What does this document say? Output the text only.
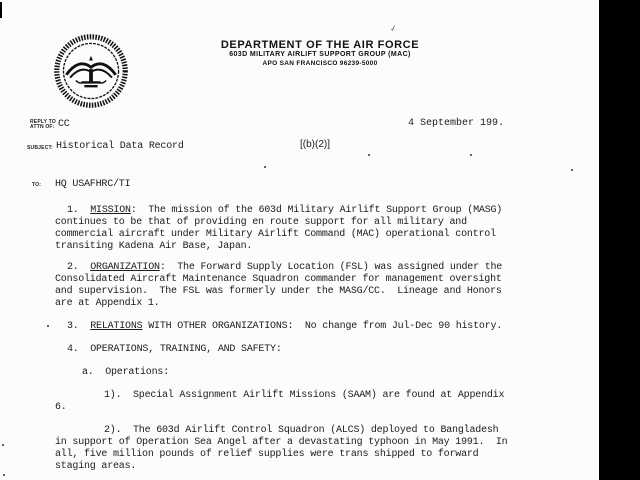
✓
DEPARTMENT OF THE AIR FORCE
603D MILITARY AIRLIFT SUPPORT GROUP (MAC)
APO SAN FRANCISCO 96239-5000
REPLY TO
ATTN OF: CC	4 September 199.
SUBJECT: Historical Data Record	[(b)(2)]
TO: HQ USAFHRC/TI
1.  MISSION:  The mission of the 603d Military Airlift Support Group (MASG)
continues to be that of providing en route support for all military and
commercial aircraft under Military Airlift Command (MAC) operational control
transiting Kadena Air Base, Japan.
2.  ORGANIZATION:  The Forward Supply Location (FSL) was assigned under the
Consolidated Aircraft Maintenance Squadron commander for management oversight
and supervision.  The FSL was formerly under the MASG/CC.  Lineage and Honors
are at Appendix 1.
3.  RELATIONS WITH OTHER ORGANIZATIONS:  No change from Jul-Dec 90 history.
4.  OPERATIONS, TRAINING, AND SAFETY:
a.  Operations:
1).  Special Assignment Airlift Missions (SAAM) are found at Appendix
6.
2).  The 603d Airlift Control Squadron (ALCS) deployed to Bangladesh
in support of Operation Sea Angel after a devastating typhoon in May 1991.  In
all, five million pounds of relief supplies were trans shipped to forward
staging areas.
